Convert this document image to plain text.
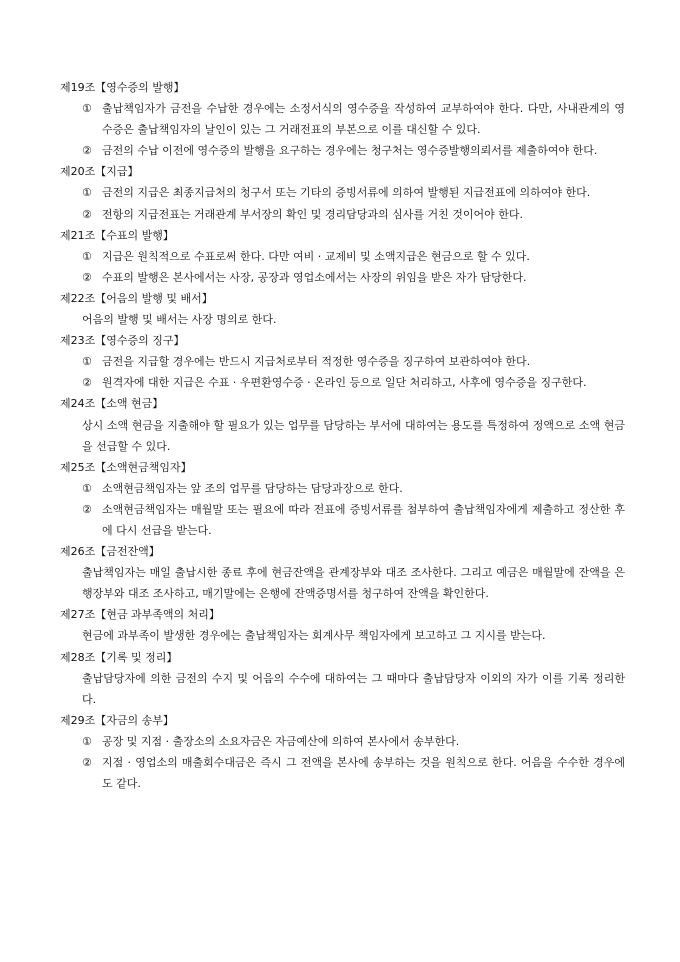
제19조【영수증의 발행】

① 출납책임자가 금전을 수납한 경우에는 소정서식의 영수증을 작성하여 교부하여야 한다. 다만, 사내관계의 영수증은 출납책임자의 날인이 있는 그 거래전표의 부본으로 이를 대신할 수 있다.
② 금전의 수납 이전에 영수증의 발행을 요구하는 경우에는 청구처는 영수증발행의뢰서를 제출하여야 한다.

제20조【지급】

① 금전의 지급은 최종지급처의 청구서 또는 기타의 증빙서류에 의하여 발행된 지급전표에 의하여야 한다.
② 전항의 지급전표는 거래관계 부서장의 확인 및 경리담당과의 심사를 거친 것이어야 한다.

제21조【수표의 발행】

① 지급은 원칙적으로 수표로써 한다. 다만 여비 · 교제비 및 소액지급은 현금으로 할 수 있다.
② 수표의 발행은 본사에서는 사장, 공장과 영업소에서는 사장의 위임을 받은 자가 담당한다.

제22조【어음의 발행 및 배서】

어음의 발행 및 배서는 사장 명의로 한다.

제23조【영수증의 징구】

① 금전을 지급할 경우에는 반드시 지급처로부터 적정한 영수증을 징구하여 보관하여야 한다.
② 원격자에 대한 지급은 수표 · 우편환영수증 · 온라인 등으로 일단 처리하고, 사후에 영수증을 징구한다.

제24조【소액 현금】

상시 소액 현금을 지출해야 할 필요가 있는 업무를 담당하는 부서에 대하여는 용도를 특정하여 정액으로 소액 현금을 선급할 수 있다.

제25조【소액현금책임자】

① 소액현금책임자는 앞 조의 업무를 담당하는 담당과장으로 한다.
② 소액현금책임자는 매월말 또는 필요에 따라 전표에 증빙서류를 첨부하여 출납책임자에게 제출하고 정산한 후에 다시 선급을 받는다.

제26조【금전잔액】

출납책임자는 매일 출납시한 종료 후에 현금잔액을 관계장부와 대조 조사한다. 그리고 예금은 매월말에 잔액을 은행장부와 대조 조사하고, 매기말에는 은행에 잔액증명서를 청구하여 잔액을 확인한다.

제27조【현금 과부족액의 처리】

현금에 과부족이 발생한 경우에는 출납책임자는 회계사무 책임자에게 보고하고 그 지시를 받는다.

제28조【기록 및 정리】

출납담당자에 의한 금전의 수지 및 어음의 수수에 대하여는 그 때마다 출납담당자 이외의 자가 이를 기록 정리한다.

제29조【자금의 송부】

① 공장 및 지점 · 출장소의 소요자금은 자금예산에 의하여 본사에서 송부한다.
② 지점 · 영업소의 매출회수대금은 즉시 그 전액을 본사에 송부하는 것을 원칙으로 한다. 어음을 수수한 경우에도 같다.
